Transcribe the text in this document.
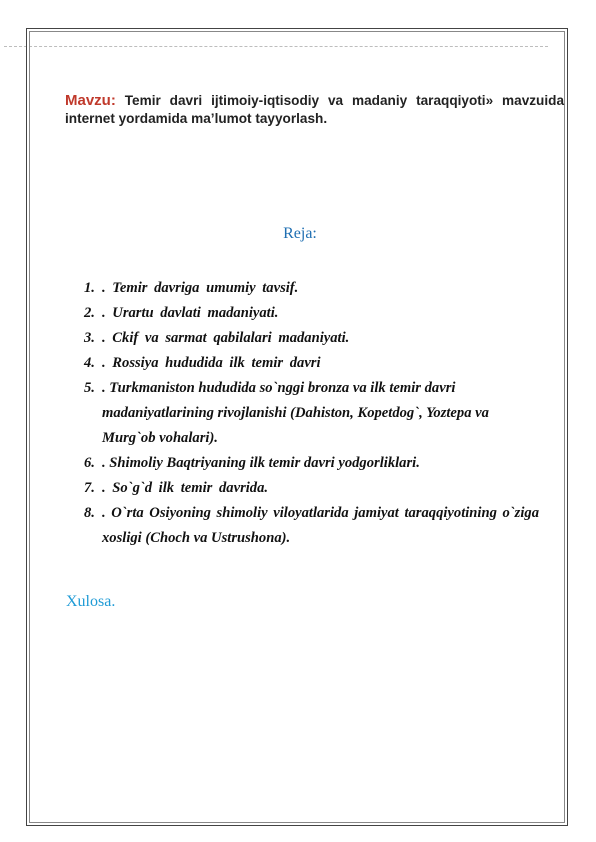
Mavzu: Temir davri ijtimoiy-iqtisodiy va madaniy taraqqiyoti» mavzuida internet yordamida ma’lumot tayyorlash.
Reja:
1. . Temir davriga umumiy tavsif.
2. . Urartu davlati madaniyati.
3. . Ckif va sarmat qabilalari madaniyati.
4. . Rossiya hududida ilk temir davri
5. . Turkmaniston hududida so`nggi bronza va ilk temir davri madaniyatlarining rivojlanishi (Dahiston, Kopetdog`, Yoztepa va Murg`ob vohalari).
6. . Shimoliy Baqtriyaning ilk temir davri yodgorliklari.
7. . So`g`d ilk temir davrida.
8. . O`rta Osiyoning shimoliy viloyatlarida jamiyat taraqqiyotining o`ziga xosligi (Choch va Ustrushona).
Xulosa.
